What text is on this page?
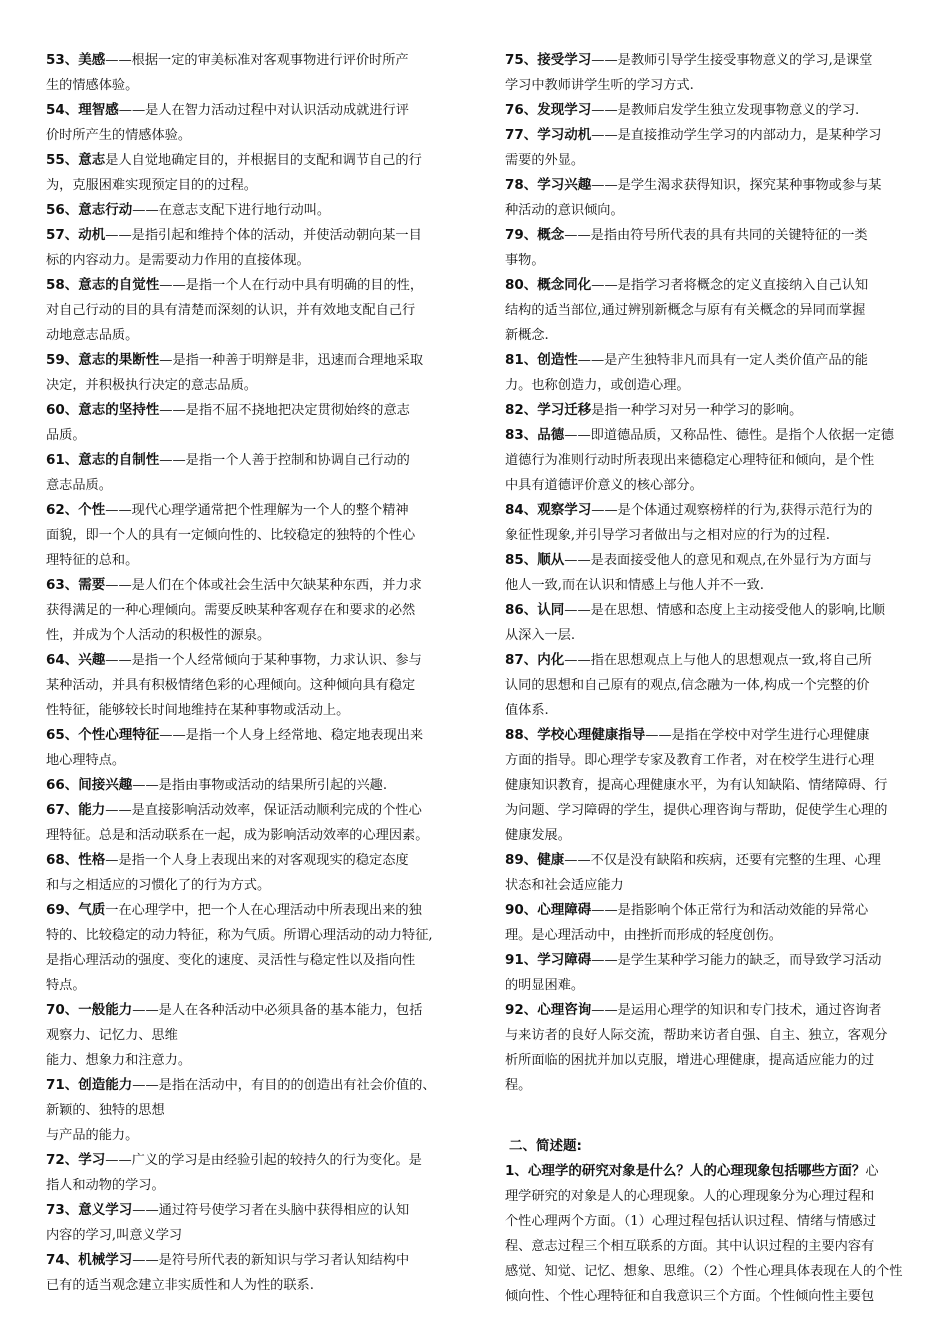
53、美感——根据一定的审美标准对客观事物进行评价时所产
生的情感体验。

54、理智感——是人在智力活动过程中对认识活动成就进行评
价时所产生的情感体验。

55、意志是人自觉地确定目的，并根据目的支配和调节自己的行
为，克服困难实现预定目的的过程。

56、意志行动——在意志支配下进行地行动叫。

57、动机——是指引起和维持个体的活动，并使活动朝向某一目
标的内容动力。是需要动力作用的直接体现。

58、意志的自觉性——是指一个人在行动中具有明确的目的性，
对自己行动的目的具有清楚而深刻的认识，并有效地支配自己行
动地意志品质。

59、意志的果断性—是指一种善于明辩是非，迅速而合理地采取
决定，并积极执行决定的意志品质。

60、意志的坚持性——是指不屈不挠地把决定贯彻始终的意志
品质。

61、意志的自制性——是指一个人善于控制和协调自己行动的
意志品质。

62、个性——现代心理学通常把个性理解为一个人的整个精神
面貌，即一个人的具有一定倾向性的、比较稳定的独特的个性心
理特征的总和。

63、需要——是人们在个体或社会生活中欠缺某种东西，并力求
获得满足的一种心理倾向。需要反映某种客观存在和要求的必然
性，并成为个人活动的积极性的源泉。

64、兴趣——是指一个人经常倾向于某种事物，力求认识、参与
某种活动，并具有积极情绪色彩的心理倾向。这种倾向具有稳定
性特征，能够较长时间地维持在某种事物或活动上。

65、个性心理特征——是指一个人身上经常地、稳定地表现出来
地心理特点。

66、间接兴趣——是指由事物或活动的结果所引起的兴趣.

67、能力——是直接影响活动效率，保证活动顺利完成的个性心
理特征。总是和活动联系在一起，成为影响活动效率的心理因素。

68、性格—是指一个人身上表现出来的对客观现实的稳定态度
和与之相适应的习惯化了的行为方式。

69、气质一在心理学中，把一个人在心理活动中所表现出来的独
特的、比较稳定的动力特征，称为气质。所谓心理活动的动力特征,
是指心理活动的强度、变化的速度、灵活性与稳定性以及指向性
特点。

70、一般能力——是人在各种活动中必须具备的基本能力，包括
观察力、记忆力、思维
能力、想象力和注意力。

71、创造能力——是指在活动中，有目的的创造出有社会价值的、
新颖的、独特的思想
与产品的能力。

72、学习——广义的学习是由经验引起的较持久的行为变化。是
指人和动物的学习。

73、意义学习——通过符号使学习者在头脑中获得相应的认知
内容的学习,叫意义学习

74、机械学习——是符号所代表的新知识与学习者认知结构中
已有的适当观念建立非实质性和人为性的联系.

75、接受学习——是教师引导学生接受事物意义的学习,是课堂
学习中教师讲学生听的学习方式.

76、发现学习——是教师启发学生独立发现事物意义的学习.

77、学习动机——是直接推动学生学习的内部动力，是某种学习
需要的外显。

78、学习兴趣——是学生渴求获得知识，探究某种事物或参与某
种活动的意识倾向。

79、概念——是指由符号所代表的具有共同的关键特征的一类
事物。

80、概念同化——是指学习者将概念的定义直接纳入自己认知
结构的适当部位,通过辨别新概念与原有有关概念的异同而掌握
新概念.

81、创造性——是产生独特非凡而具有一定人类价值产品的能
力。也称创造力，或创造心理。

82、学习迁移是指一种学习对另一种学习的影响。

83、品德——即道德品质，又称品性、德性。是指个人依据一定德
道德行为准则行动时所表现出来德稳定心理特征和倾向，是个性
中具有道德评价意义的核心部分。

84、观察学习——是个体通过观察榜样的行为,获得示范行为的
象征性现象,并引导学习者做出与之相对应的行为的过程.

85、顺从——是表面接受他人的意见和观点,在外显行为方面与
他人一致,而在认识和情感上与他人并不一致.

86、认同——是在思想、情感和态度上主动接受他人的影响,比顺
从深入一层.

87、内化——指在思想观点上与他人的思想观点一致,将自己所
认同的思想和自己原有的观点,信念融为一体,构成一个完整的价
值体系.

88、学校心理健康指导——是指在学校中对学生进行心理健康
方面的指导。即心理学专家及教育工作者，对在校学生进行心理
健康知识教育，提高心理健康水平，为有认知缺陷、情绪障碍、行
为问题、学习障碍的学生，提供心理咨询与帮助，促使学生心理的
健康发展。

89、健康——不仅是没有缺陷和疾病，还要有完整的生理、心理
状态和社会适应能力

90、心理障碍——是指影响个体正常行为和活动效能的异常心
理。是心理活动中，由挫折而形成的轻度创伤。

91、学习障碍——是学生某种学习能力的缺乏，而导致学习活动
的明显困难。

92、心理咨询——是运用心理学的知识和专门技术，通过咨询者
与来访者的良好人际交流，帮助来访者自强、自主、独立，客观分
析所面临的困扰并加以克服，增进心理健康，提高适应能力的过
程。

二、简述题:

1、心理学的研究对象是什么？人的心理现象包括哪些方面？心
理学研究的对象是人的心理现象。人的心理现象分为心理过程和
个性心理两个方面。（1）心理过程包括认识过程、情绪与情感过
程、意志过程三个相互联系的方面。其中认识过程的主要内容有
感觉、知觉、记忆、想象、思维。（2）个性心理具体表现在人的个性
倾向性、个性心理特征和自我意识三个方面。个性倾向性主要包
